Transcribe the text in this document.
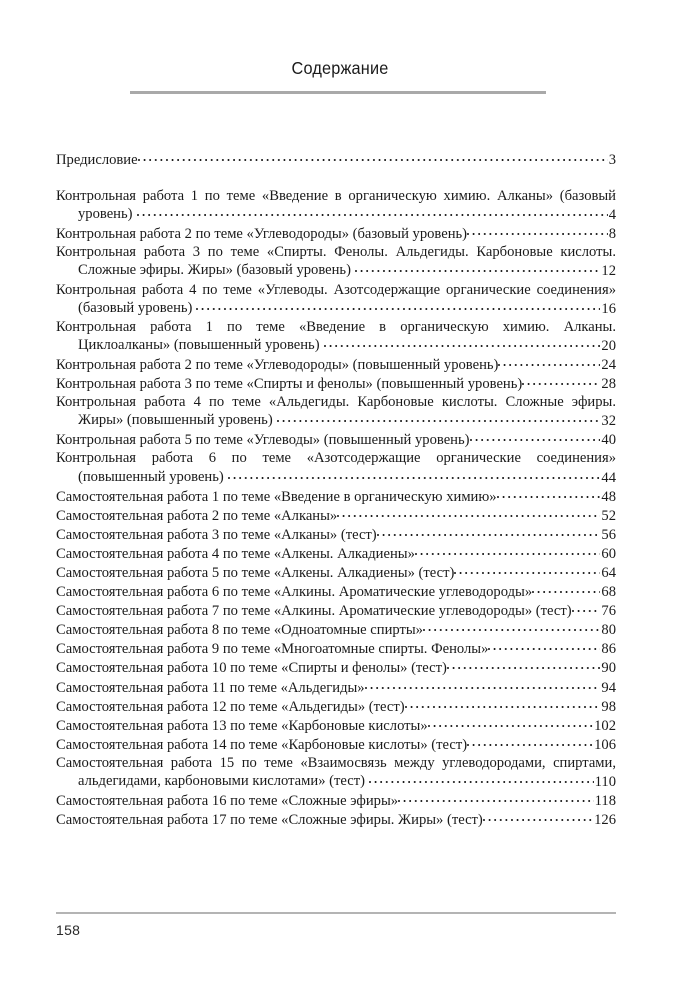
Содержание
Предисловие	3
Контрольная работа 1 по теме «Введение в органическую химию. Алканы» (базовый уровень)	4
Контрольная работа 2 по теме «Углеводороды» (базовый уровень)	8
Контрольная работа 3 по теме «Спирты. Фенолы. Альдегиды. Карбоновые кислоты. Сложные эфиры. Жиры» (базовый уровень)	12
Контрольная работа 4 по теме «Углеводы. Азотсодержащие органические соединения» (базовый уровень)	16
Контрольная работа 1 по теме «Введение в органическую химию. Алканы. Циклоалканы» (повышенный уровень)	20
Контрольная работа 2 по теме «Углеводороды» (повышенный уровень)	24
Контрольная работа 3 по теме «Спирты и фенолы» (повышенный уровень)	28
Контрольная работа 4 по теме «Альдегиды. Карбоновые кислоты. Сложные эфиры. Жиры» (повышенный уровень)	32
Контрольная работа 5 по теме «Углеводы» (повышенный уровень)	40
Контрольная работа 6 по теме «Азотсодержащие органические соединения» (повышенный уровень)	44
Самостоятельная работа 1 по теме «Введение в органическую химию»	48
Самостоятельная работа 2 по теме «Алканы»	52
Самостоятельная работа 3 по теме «Алканы» (тест)	56
Самостоятельная работа 4 по теме «Алкены. Алкадиены»	60
Самостоятельная работа 5 по теме «Алкены. Алкадиены» (тест)	64
Самостоятельная работа 6 по теме «Алкины. Ароматические углеводороды»	68
Самостоятельная работа 7 по теме «Алкины. Ароматические углеводороды» (тест) 76
Самостоятельная работа 8 по теме «Одноатомные спирты»	80
Самостоятельная работа 9 по теме «Многоатомные спирты. Фенолы»	86
Самостоятельная работа 10 по теме «Спирты и фенолы» (тест)	90
Самостоятельная работа 11 по теме «Альдегиды»	94
Самостоятельная работа 12 по теме «Альдегиды» (тест)	98
Самостоятельная работа 13 по теме «Карбоновые кислоты»	102
Самостоятельная работа 14 по теме «Карбоновые кислоты» (тест)	106
Самостоятельная работа 15 по теме «Взаимосвязь между углеводородами, спиртами, альдегидами, карбоновыми кислотами» (тест)	110
Самостоятельная работа 16 по теме «Сложные эфиры»	118
Самостоятельная работа 17 по теме «Сложные эфиры. Жиры» (тест)	126
158
